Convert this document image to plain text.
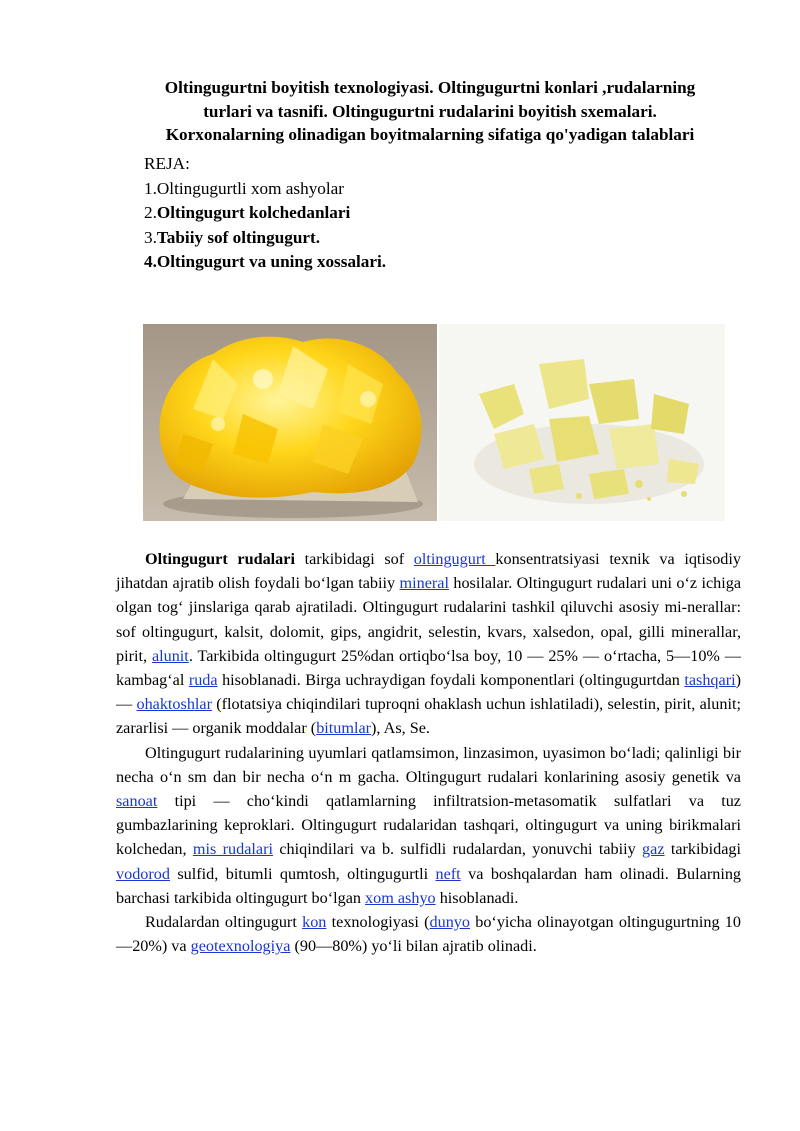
Oltingugurtni boyitish texnologiyasi. Oltingugurtni konlari ,rudalarning
turlari va tasnifi. Oltingugurtni rudalarini boyitish sxemalari.
Korxonalarning olinadigan boyitmalarning sifatiga qo'yadigan talablari
REJA:
1.Oltingugurtli xom ashyolar
2.Oltingugurt kolchedanlari
3.Tabiiy sof oltingugurt.
4.Oltingugurt va uning xossalari.

Oltingugurt rudalari tarkibidagi sof oltingugurt konsentratsiyasi texnik va iqtisodiy jihatdan ajratib olish foydali boʻlgan tabiiy mineral hosilalar. Oltingugurt rudalari uni oʻz ichiga olgan togʻ jinslariga qarab ajratiladi. Oltingugurt rudalarini tashkil qiluvchi asosiy mi-nerallar: sof oltingugurt, kalsit, dolomit, gips, angidrit, selestin, kvars, xalsedon, opal, gilli minerallar, pirit, alunit. Tarkibida oltingugurt 25%dan ortiqboʻlsa boy, 10 — 25% — oʻrtacha, 5—10% — kambagʻal ruda hisoblanadi. Birga uchraydigan foydali komponentlari (oltingugurtdan tashqari) — ohaktoshlar (flotatsiya chiqindilari tuproqni ohaklash uchun ishlatiladi), selestin, pirit, alunit; zararlisi — organik moddalar (bitumlar), As, Se.

Oltingugurt rudalarining uyumlari qatlamsimon, linzasimon, uyasimon boʻladi; qalinligi bir necha oʻn sm dan bir necha oʻn m gacha. Oltingugurt rudalari konlarining asosiy genetik va sanoat tipi — choʻkindi qatlamlarning infiltratsion-metasomatik sulfatlari va tuz gumbazlarining keproklari. Oltingugurt rudalaridan tashqari, oltingugurt va uning birikmalari kolchedan, mis rudalari chiqindilari va b. sulfidli rudalardan, yonuvchi tabiiy gaz tarkibidagi vodorod sulfid, bitumli qumtosh, oltingugurtli neft va boshqalardan ham olinadi. Bularning barchasi tarkibida oltingugurt boʻlgan xom ashyo hisoblanadi.

Rudalardan oltingugurt kon texnologiyasi (dunyo boʻyicha olinayotgan oltingugurtning 10—20%) va geotexnologiya (90—80%) yoʻli bilan ajratib olinadi.
